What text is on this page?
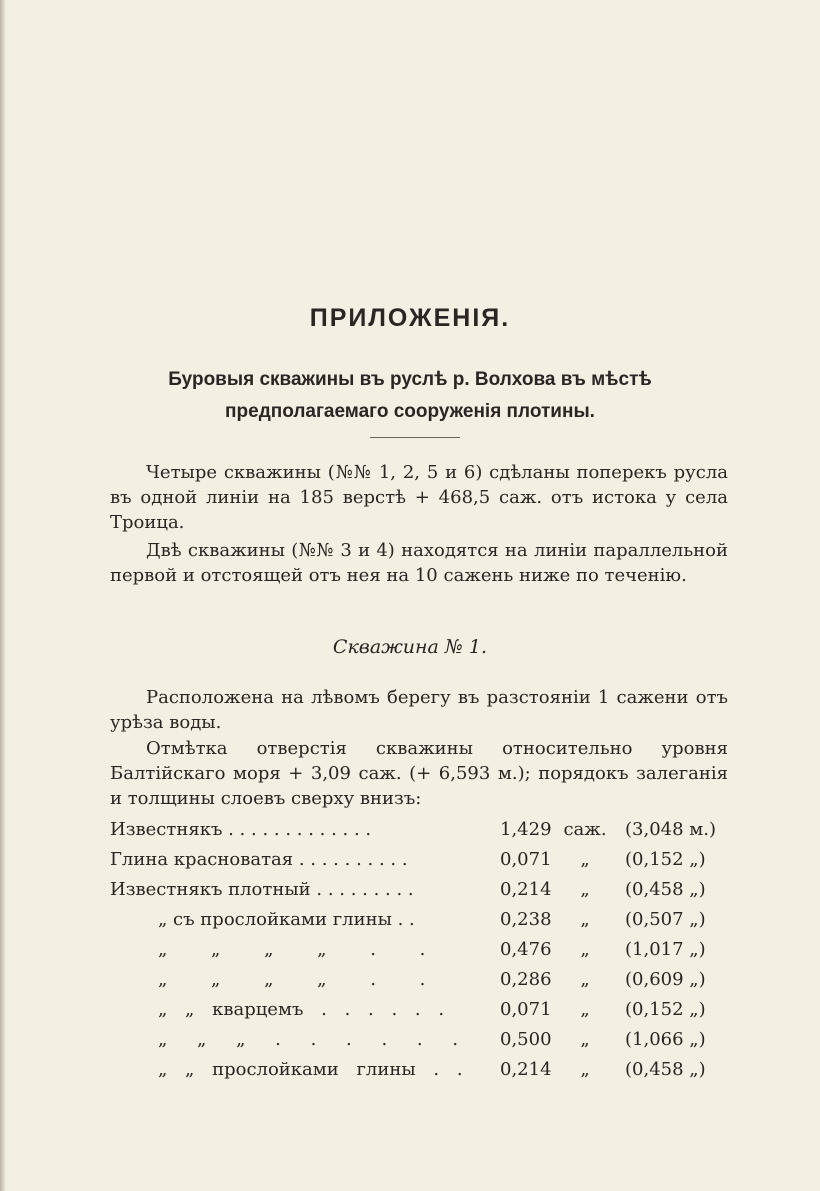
ПРИЛОЖЕНІЯ.
Буровыя скважины въ руслѣ р. Волхова въ мѣстѣ предполагаемаго сооруженія плотины.

Четыре скважины (№№ 1, 2, 5 и 6) сдѣланы поперекъ русла въ одной линіи на 185 верстѣ + 468,5 саж. отъ истока у села Троица.

Двѣ скважины (№№ 3 и 4) находятся на линіи параллельной первой и отстоящей отъ нея на 10 сажень ниже по теченію.

Скважина № 1.

Расположена на лѣвомъ берегу въ разстояніи 1 сажени отъ урѣза воды.

Отмѣтка отверстія скважины относительно уровня Балтійскаго моря + 3,09 саж. (+ 6,593 м.); порядокъ залеганія и толщины слоевъ сверху внизъ:

Известнякъ . . . . . . . . . . . . .	1,429 саж. (3,048 м.)
Глина красноватая . . . . . . . . . .	0,071	„	(0,152 „)
Известнякъ плотный . . . . . . . . .	0,214	„	(0,458 „)
„ съ прослойками глины . .	0,238	„	(0,507 „)
„ „ „ „ . .	0,476	„	(1,017 „)
„ „ „ „ . .	0,286	„	(0,609 „)
„ „ кварцемъ . . . . . .	0,071	„	(0,152 „)
„ „ „ . . . . . . 0,500	„	(1,066 „)
„ „ прослойками глины . . 0,214	„	(0,458 „)
